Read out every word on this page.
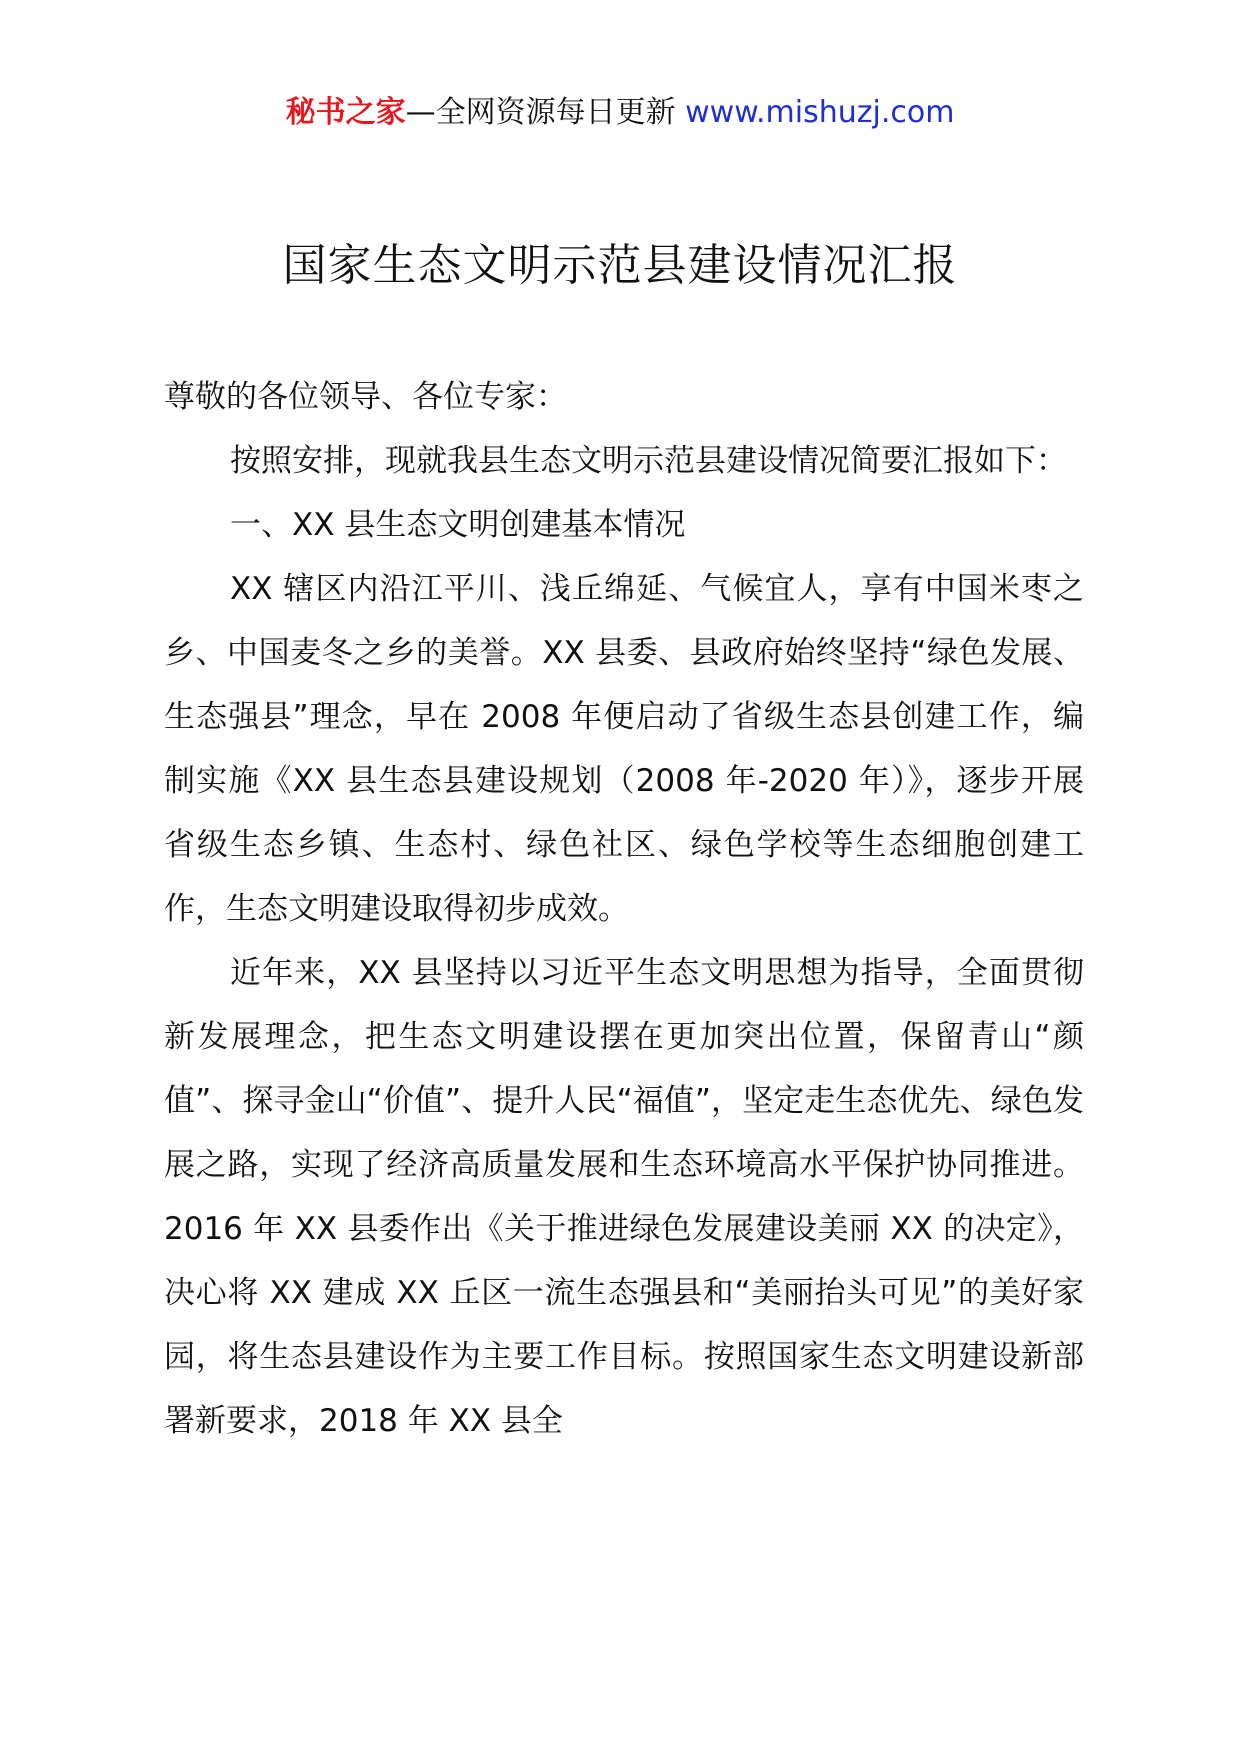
秘书之家—全网资源每日更新 www.mishuzj.com
国家生态文明示范县建设情况汇报

尊敬的各位领导、各位专家：

按照安排，现就我县生态文明示范县建设情况简要汇报如下：

一、XX 县生态文明创建基本情况

XX 辖区内沿江平川、浅丘绵延、气候宜人，享有中国米枣之乡、中国麦冬之乡的美誉。XX 县委、县政府始终坚持“绿色发展、生态强县”理念，早在 2008 年便启动了省级生态县创建工作，编制实施《XX 县生态县建设规划（2008 年-2020 年）》，逐步开展省级生态乡镇、生态村、绿色社区、绿色学校等生态细胞创建工作，生态文明建设取得初步成效。

近年来，XX 县坚持以习近平生态文明思想为指导，全面贯彻新发展理念，把生态文明建设摆在更加突出位置，保留青山“颜值”、探寻金山“价值”、提升人民“福值”，坚定走生态优先、绿色发展之路，实现了经济高质量发展和生态环境高水平保护协同推进。2016 年 XX 县委作出《关于推进绿色发展建设美丽 XX 的决定》，决心将 XX 建成 XX 丘区一流生态强县和“美丽抬头可见”的美好家园，将生态县建设作为主要工作目标。按照国家生态文明建设新部署新要求，2018 年 XX 县全
